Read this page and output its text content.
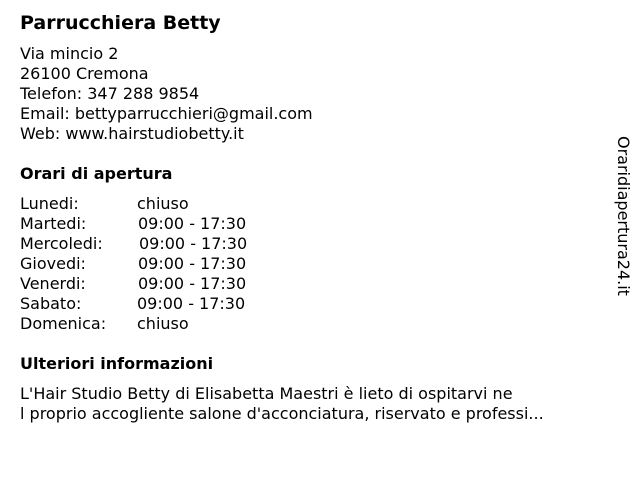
Parrucchiera Betty
Via mincio 2
26100 Cremona
Telefon: 347 288 9854
Email: bettyparrucchieri@gmail.com
Web: www.hairstudiobetty.it
Orari di apertura
Lunedi:	chiuso
Martedi:	09:00 - 17:30
Mercoledi: 09:00 - 17:30
Giovedi:	09:00 - 17:30
Venerdi:	09:00 - 17:30
Sabato:	09:00 - 17:30
Domenica: chiuso
Ulteriori informazioni
L'Hair Studio Betty di Elisabetta Maestri è lieto di ospitarvi ne
l proprio accogliente salone d'acconciatura, riservato e professi...
Oraridiapertura24.it
